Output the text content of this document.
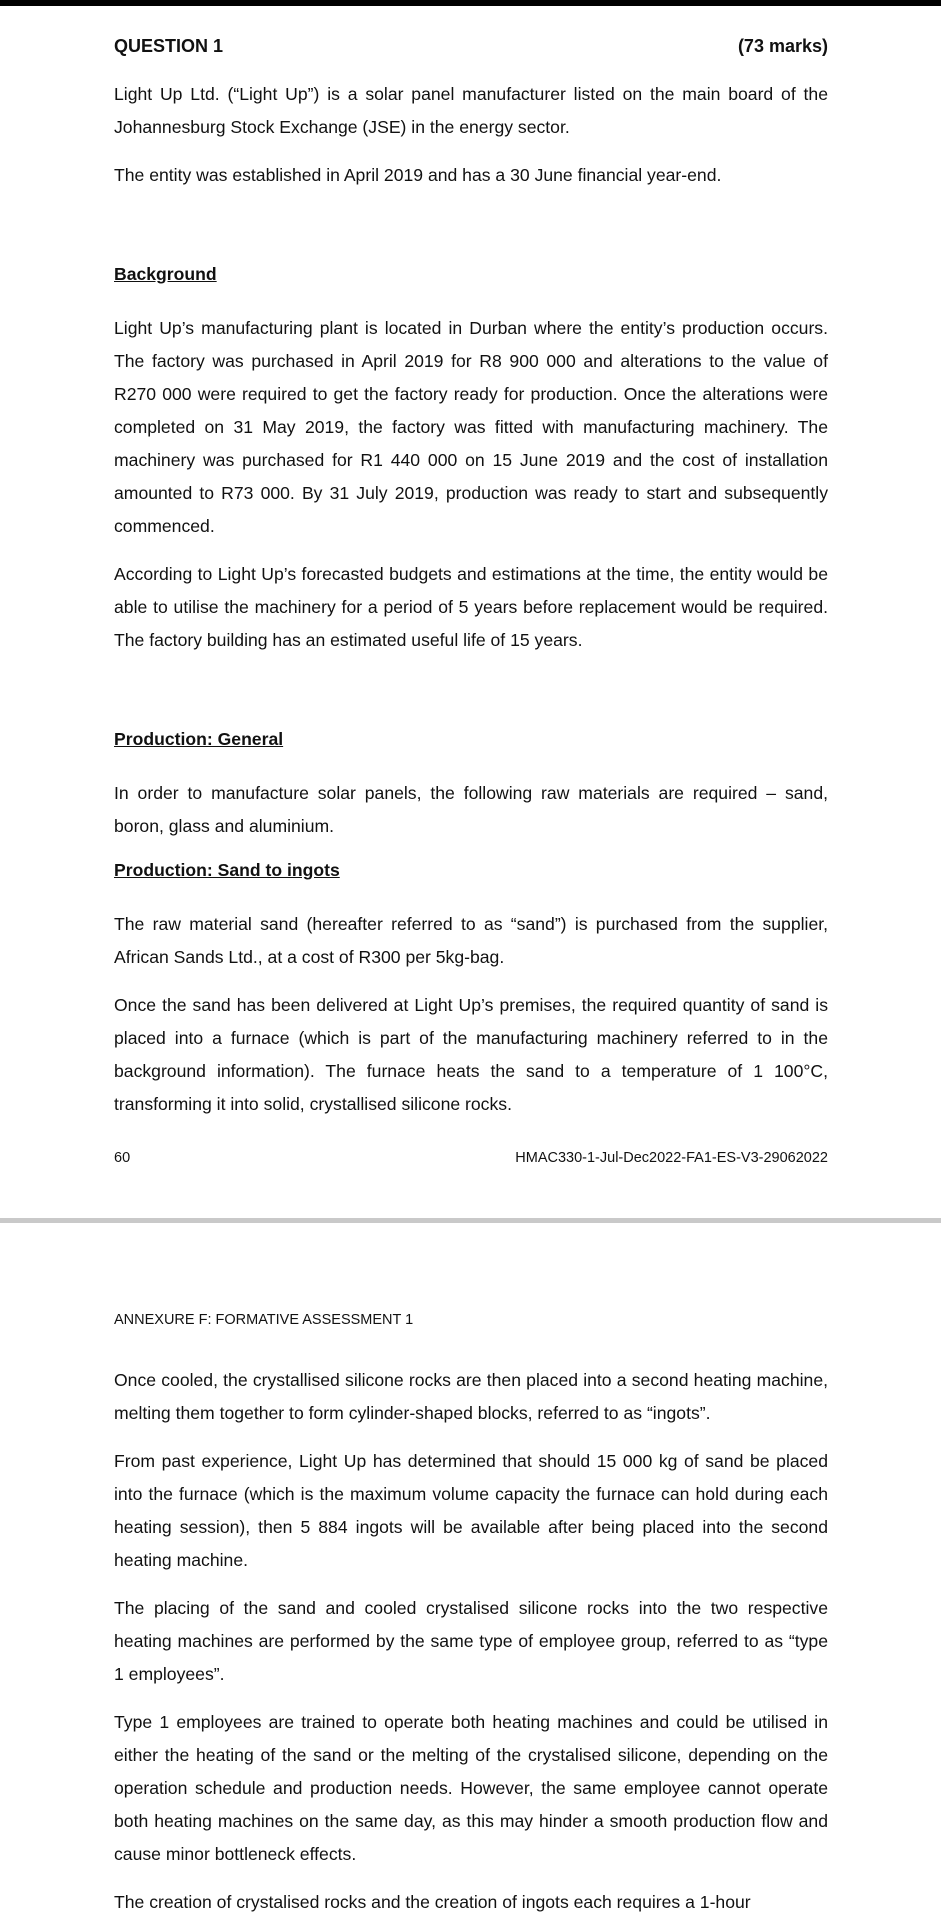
QUESTION 1	(73 marks)

Light Up Ltd. (“Light Up”) is a solar panel manufacturer listed on the main board of the Johannesburg Stock Exchange (JSE) in the energy sector.

The entity was established in April 2019 and has a 30 June financial year-end.

Background

Light Up’s manufacturing plant is located in Durban where the entity’s production occurs. The factory was purchased in April 2019 for R8 900 000 and alterations to the value of R270 000 were required to get the factory ready for production. Once the alterations were completed on 31 May 2019, the factory was fitted with manufacturing machinery. The machinery was purchased for R1 440 000 on 15 June 2019 and the cost of installation amounted to R73 000. By 31 July 2019, production was ready to start and subsequently commenced.

According to Light Up’s forecasted budgets and estimations at the time, the entity would be able to utilise the machinery for a period of 5 years before replacement would be required. The factory building has an estimated useful life of 15 years.

Production: General

In order to manufacture solar panels, the following raw materials are required – sand, boron, glass and aluminium.

Production: Sand to ingots

The raw material sand (hereafter referred to as “sand”) is purchased from the supplier, African Sands Ltd., at a cost of R300 per 5kg-bag.

Once the sand has been delivered at Light Up’s premises, the required quantity of sand is placed into a furnace (which is part of the manufacturing machinery referred to in the background information). The furnace heats the sand to a temperature of 1 100°C, transforming it into solid, crystallised silicone rocks.

60	HMAC330-1-Jul-Dec2022-FA1-ES-V3-29062022
ANNEXURE F: FORMATIVE ASSESSMENT 1

Once cooled, the crystallised silicone rocks are then placed into a second heating machine, melting them together to form cylinder-shaped blocks, referred to as “ingots”.

From past experience, Light Up has determined that should 15 000 kg of sand be placed into the furnace (which is the maximum volume capacity the furnace can hold during each heating session), then 5 884 ingots will be available after being placed into the second heating machine.

The placing of the sand and cooled crystalised silicone rocks into the two respective heating machines are performed by the same type of employee group, referred to as “type 1 employees”.

Type 1 employees are trained to operate both heating machines and could be utilised in either the heating of the sand or the melting of the crystalised silicone, depending on the operation schedule and production needs. However, the same employee cannot operate both heating machines on the same day, as this may hinder a smooth production flow and cause minor bottleneck effects.

The creation of crystalised rocks and the creation of ingots each requires a 1-hour
